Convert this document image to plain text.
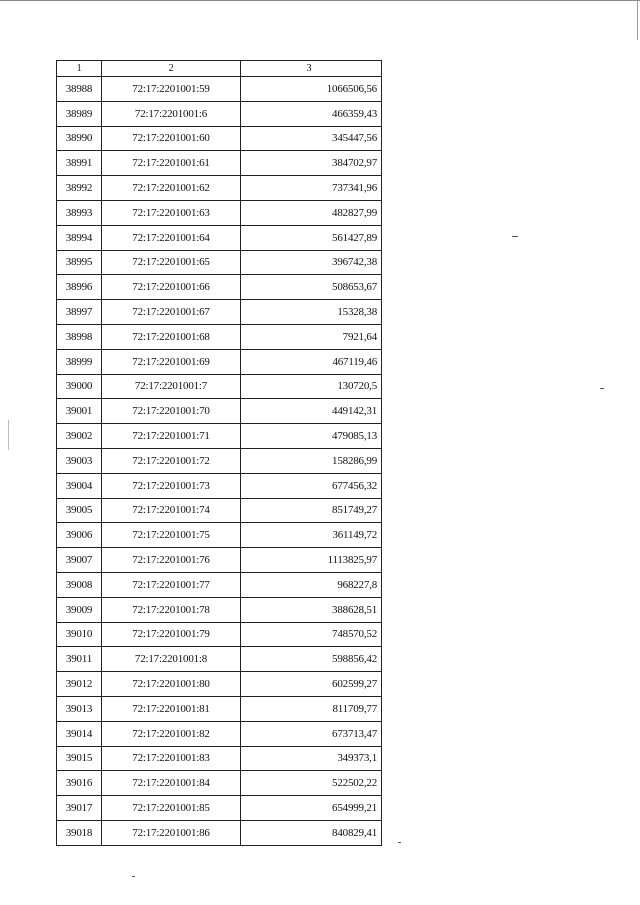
1	2	3
38988	72:17:2201001:59	1066506,56
38989	72:17:2201001:6	466359,43
38990	72:17:2201001:60	345447,56
38991	72:17:2201001:61	384702,97
38992	72:17:2201001:62	737341,96
38993	72:17:2201001:63	482827,99
38994	72:17:2201001:64	561427,89
38995	72:17:2201001:65	396742,38
38996	72:17:2201001:66	508653,67
38997	72:17:2201001:67	15328,38
38998	72:17:2201001:68	7921,64
38999	72:17:2201001:69	467119,46
39000	72:17:2201001:7	130720,5
39001	72:17:2201001:70	449142,31
39002	72:17:2201001:71	479085,13
39003	72:17:2201001:72	158286,99
39004	72:17:2201001:73	677456,32
39005	72:17:2201001:74	851749,27
39006	72:17:2201001:75	361149,72
39007	72:17:2201001:76	1113825,97
39008	72:17:2201001:77	968227,8
39009	72:17:2201001:78	388628,51
39010	72:17:2201001:79	748570,52
39011	72:17:2201001:8	598856,42
39012	72:17:2201001:80	602599,27
39013	72:17:2201001:81	811709,77
39014	72:17:2201001:82	673713,47
39015	72:17:2201001:83	349373,1
39016	72:17:2201001:84	522502,22
39017	72:17:2201001:85	654999,21
39018	72:17:2201001:86	840829,41
